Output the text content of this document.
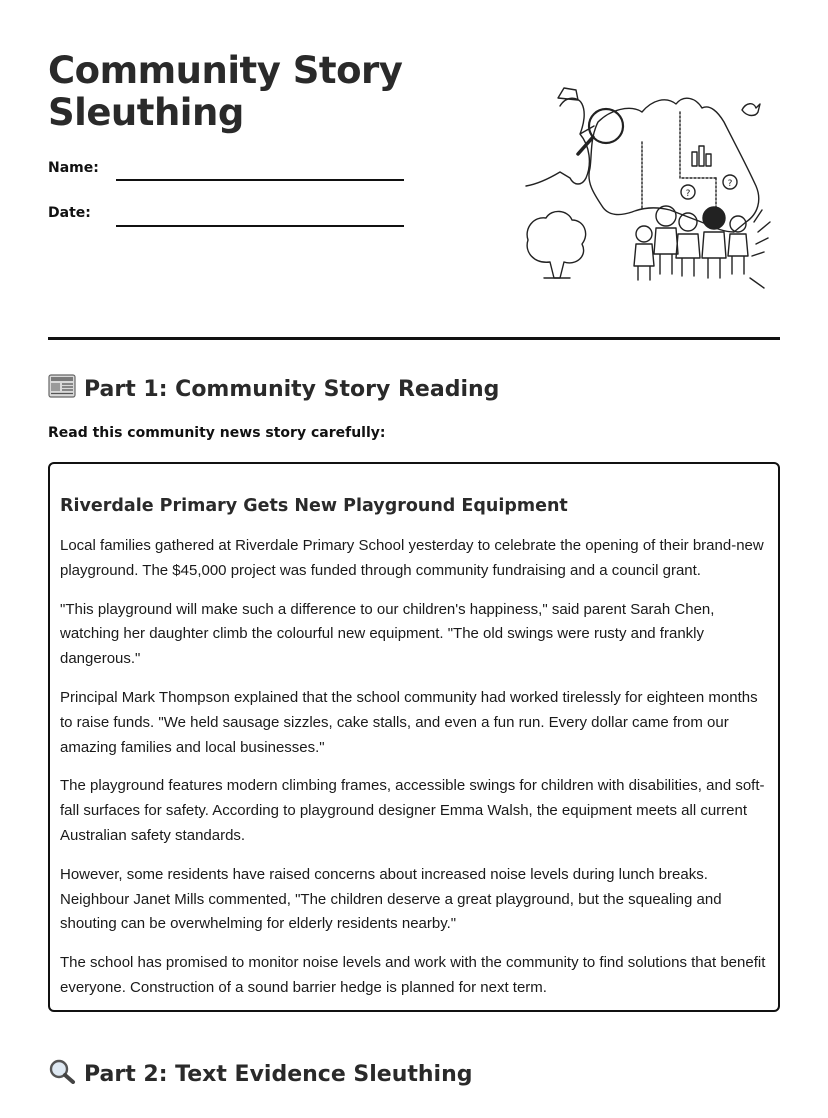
Community Story Sleuthing
Name:
Date:
?
?
Part 1: Community Story Reading

Read this community news story carefully:

Riverdale Primary Gets New Playground Equipment

Local families gathered at Riverdale Primary School yesterday to celebrate the opening of their brand-new playground. The $45,000 project was funded through community fundraising and a council grant.

"This playground will make such a difference to our children's happiness," said parent Sarah Chen, watching her daughter climb the colourful new equipment. "The old swings were rusty and frankly dangerous."

Principal Mark Thompson explained that the school community had worked tirelessly for eighteen months to raise funds. "We held sausage sizzles, cake stalls, and even a fun run. Every dollar came from our amazing families and local businesses."

The playground features modern climbing frames, accessible swings for children with disabilities, and soft-fall surfaces for safety. According to playground designer Emma Walsh, the equipment meets all current Australian safety standards.

However, some residents have raised concerns about increased noise levels during lunch breaks. Neighbour Janet Mills commented, "The children deserve a great playground, but the squealing and shouting can be overwhelming for elderly residents nearby."

The school has promised to monitor noise levels and work with the community to find solutions that benefit everyone. Construction of a sound barrier hedge is planned for next term.

Part 2: Text Evidence Sleuthing
